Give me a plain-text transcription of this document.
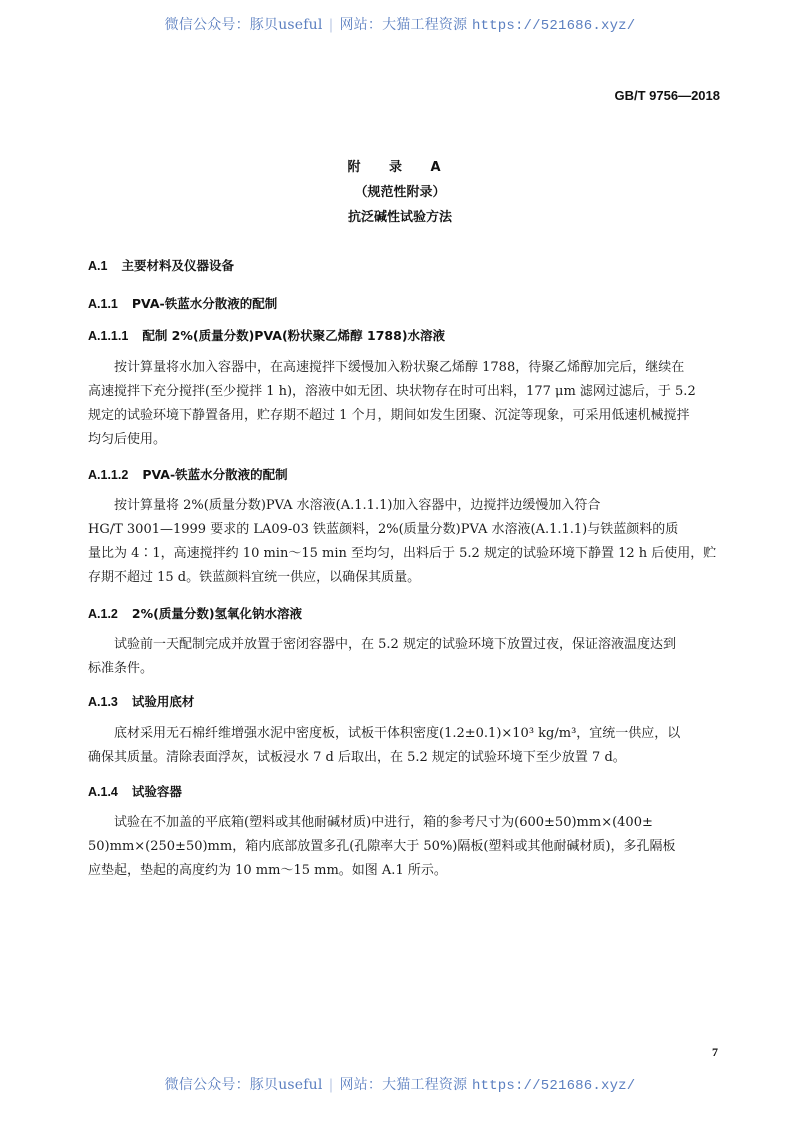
微信公众号：豚贝useful | 网站：大猫工程资源 https://521686.xyz/
GB/T 9756—2018
附 录 A
（规范性附录）
抗泛碱性试验方法
A.1 主要材料及仪器设备
A.1.1 PVA-铁蓝水分散液的配制
A.1.1.1 配制 2%(质量分数)PVA(粉状聚乙烯醇 1788)水溶液
按计算量将水加入容器中，在高速搅拌下缓慢加入粉状聚乙烯醇 1788，待聚乙烯醇加完后，继续在
高速搅拌下充分搅拌(至少搅拌 1 h)，溶液中如无团、块状物存在时可出料，177 μm 滤网过滤后，于 5.2
规定的试验环境下静置备用，贮存期不超过 1 个月，期间如发生团聚、沉淀等现象，可采用低速机械搅拌
均匀后使用。
A.1.1.2 PVA-铁蓝水分散液的配制
按计算量将 2%(质量分数)PVA 水溶液(A.1.1.1)加入容器中，边搅拌边缓慢加入符合
HG/T 3001—1999 要求的 LA09-03 铁蓝颜料，2%(质量分数)PVA 水溶液(A.1.1.1)与铁蓝颜料的质
量比为 4∶1，高速搅拌约 10 min～15 min 至均匀，出料后于 5.2 规定的试验环境下静置 12 h 后使用，贮
存期不超过 15 d。铁蓝颜料宜统一供应，以确保其质量。
A.1.2 2%(质量分数)氢氧化钠水溶液
试验前一天配制完成并放置于密闭容器中，在 5.2 规定的试验环境下放置过夜，保证溶液温度达到
标准条件。
A.1.3 试验用底材
底材采用无石棉纤维增强水泥中密度板，试板干体积密度(1.2±0.1)×10³ kg/m³，宜统一供应，以
确保其质量。清除表面浮灰，试板浸水 7 d 后取出，在 5.2 规定的试验环境下至少放置 7 d。
A.1.4 试验容器
试验在不加盖的平底箱(塑料或其他耐碱材质)中进行，箱的参考尺寸为(600±50)mm×(400±
50)mm×(250±50)mm，箱内底部放置多孔(孔隙率大于 50%)隔板(塑料或其他耐碱材质)，多孔隔板
应垫起，垫起的高度约为 10 mm～15 mm。如图 A.1 所示。
7
微信公众号：豚贝useful | 网站：大猫工程资源 https://521686.xyz/
